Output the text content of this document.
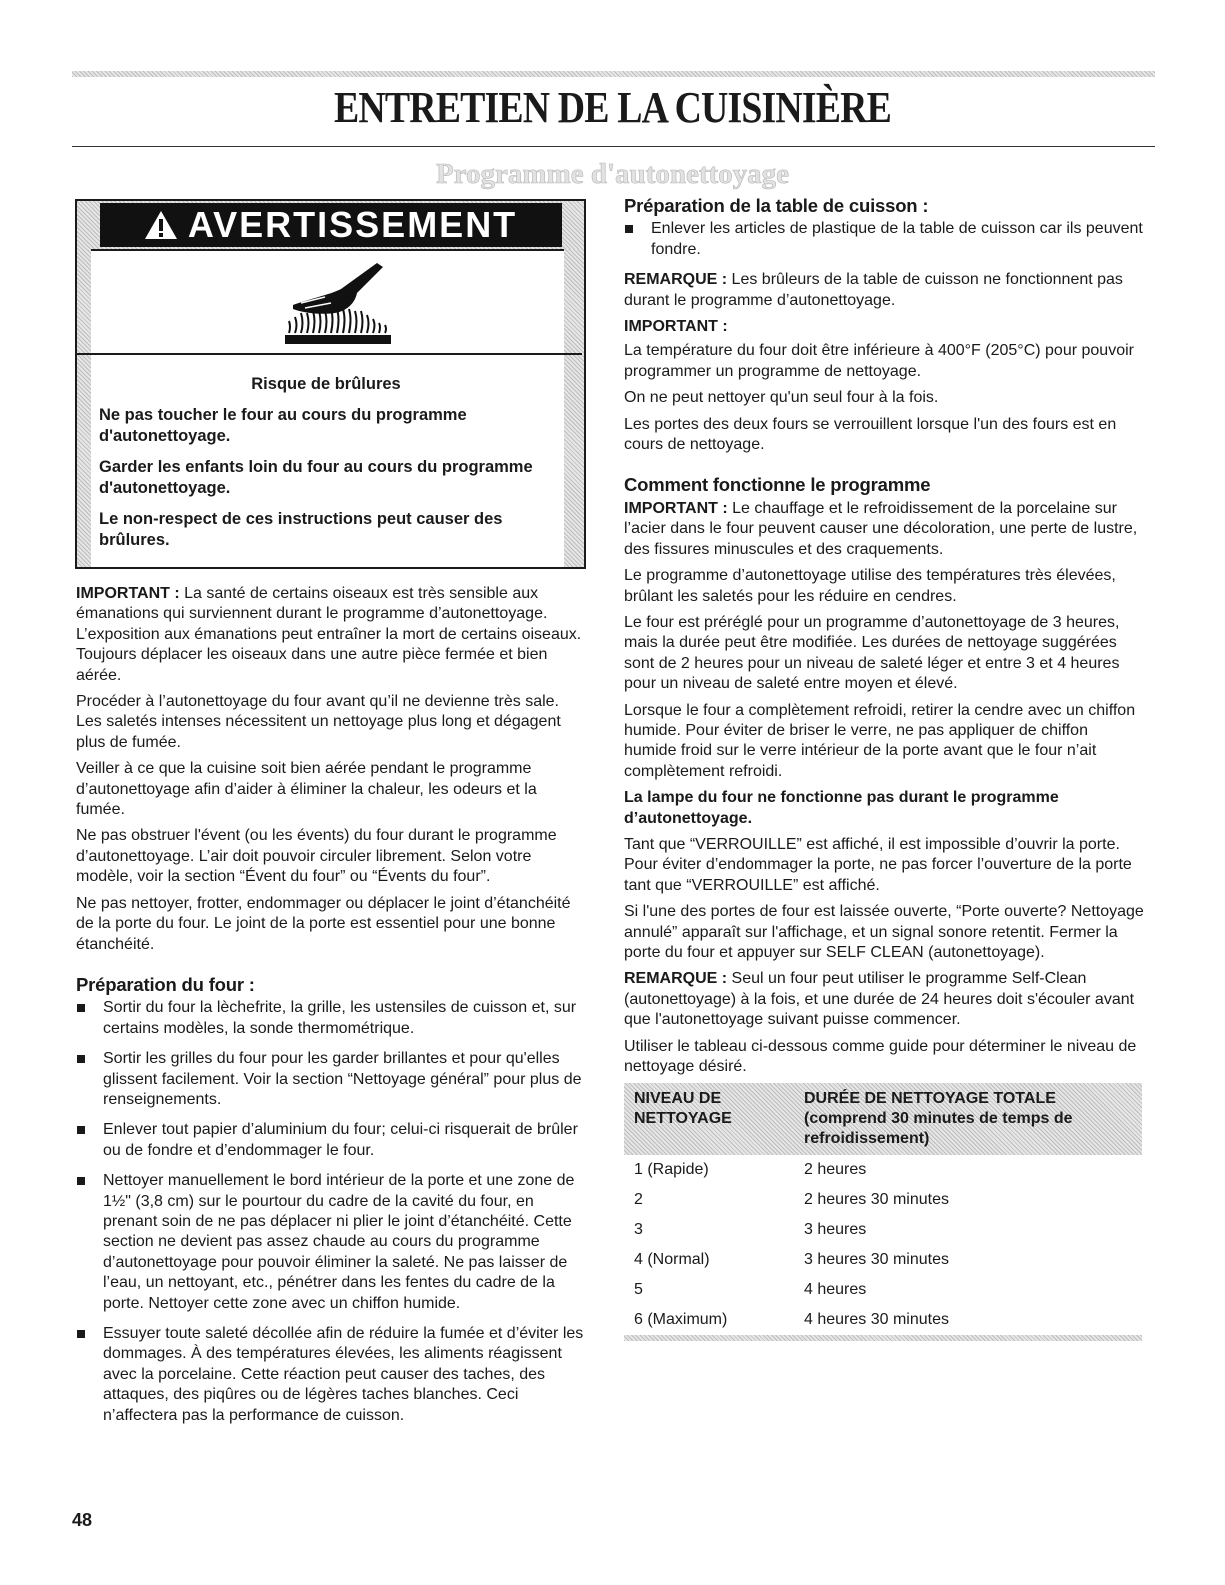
ENTRETIEN DE LA CUISINIÈRE
Programme d'autonettoyage
AVERTISSEMENT

Risque de brûlures

Ne pas toucher le four au cours du programme d'autonettoyage.

Garder les enfants loin du four au cours du programme d'autonettoyage.

Le non-respect de ces instructions peut causer des brûlures.

IMPORTANT : La santé de certains oiseaux est très sensible aux émanations qui surviennent durant le programme d’autonettoyage. L’exposition aux émanations peut entraîner la mort de certains oiseaux. Toujours déplacer les oiseaux dans une autre pièce fermée et bien aérée.

Procéder à l’autonettoyage du four avant qu’il ne devienne très sale. Les saletés intenses nécessitent un nettoyage plus long et dégagent plus de fumée.

Veiller à ce que la cuisine soit bien aérée pendant le programme d’autonettoyage afin d’aider à éliminer la chaleur, les odeurs et la fumée.

Ne pas obstruer l'évent (ou les évents) du four durant le programme d’autonettoyage. L’air doit pouvoir circuler librement. Selon votre modèle, voir la section “Évent du four” ou “Évents du four”.

Ne pas nettoyer, frotter, endommager ou déplacer le joint d’étanchéité de la porte du four. Le joint de la porte est essentiel pour une bonne étanchéité.

Préparation du four :
Sortir du four la lèchefrite, la grille, les ustensiles de cuisson et, sur certains modèles, la sonde thermométrique.
Sortir les grilles du four pour les garder brillantes et pour qu'elles glissent facilement. Voir la section “Nettoyage général” pour plus de renseignements.
Enlever tout papier d’aluminium du four; celui-ci risquerait de brûler ou de fondre et d’endommager le four.
Nettoyer manuellement le bord intérieur de la porte et une zone de 1½" (3,8 cm) sur le pourtour du cadre de la cavité du four, en prenant soin de ne pas déplacer ni plier le joint d’étanchéité. Cette section ne devient pas assez chaude au cours du programme d’autonettoyage pour pouvoir éliminer la saleté. Ne pas laisser de l’eau, un nettoyant, etc., pénétrer dans les fentes du cadre de la porte. Nettoyer cette zone avec un chiffon humide.
Essuyer toute saleté décollée afin de réduire la fumée et d’éviter les dommages. À des températures élevées, les aliments réagissent avec la porcelaine. Cette réaction peut causer des taches, des attaques, des piqûres ou de légères taches blanches. Ceci n’affectera pas la performance de cuisson.
Préparation de la table de cuisson :
Enlever les articles de plastique de la table de cuisson car ils peuvent fondre.

REMARQUE : Les brûleurs de la table de cuisson ne fonctionnent pas durant le programme d’autonettoyage.

IMPORTANT :

La température du four doit être inférieure à 400°F (205°C) pour pouvoir programmer un programme de nettoyage.

On ne peut nettoyer qu'un seul four à la fois.

Les portes des deux fours se verrouillent lorsque l'un des fours est en cours de nettoyage.

Comment fonctionne le programme

IMPORTANT : Le chauffage et le refroidissement de la porcelaine sur l’acier dans le four peuvent causer une décoloration, une perte de lustre, des fissures minuscules et des craquements.

Le programme d’autonettoyage utilise des températures très élevées, brûlant les saletés pour les réduire en cendres.

Le four est préréglé pour un programme d’autonettoyage de 3 heures, mais la durée peut être modifiée. Les durées de nettoyage suggérées sont de 2 heures pour un niveau de saleté léger et entre 3 et 4 heures pour un niveau de saleté entre moyen et élevé.

Lorsque le four a complètement refroidi, retirer la cendre avec un chiffon humide. Pour éviter de briser le verre, ne pas appliquer de chiffon humide froid sur le verre intérieur de la porte avant que le four n’ait complètement refroidi.

La lampe du four ne fonctionne pas durant le programme d’autonettoyage.

Tant que “VERROUILLE” est affiché, il est impossible d’ouvrir la porte. Pour éviter d’endommager la porte, ne pas forcer l’ouverture de la porte tant que “VERROUILLE” est affiché.

Si l'une des portes de four est laissée ouverte, “Porte ouverte? Nettoyage annulé” apparaît sur l'affichage, et un signal sonore retentit. Fermer la porte du four et appuyer sur SELF CLEAN (autonettoyage).

REMARQUE : Seul un four peut utiliser le programme Self-Clean (autonettoyage) à la fois, et une durée de 24 heures doit s'écouler avant que l'autonettoyage suivant puisse commencer.

Utiliser le tableau ci-dessous comme guide pour déterminer le niveau de nettoyage désiré.

NIVEAU DE NETTOYAGE	DURÉE DE NETTOYAGE TOTALE (comprend 30 minutes de temps de refroidissement)
1 (Rapide)	2 heures
2	2 heures 30 minutes
3	3 heures
4 (Normal)	3 heures 30 minutes
5	4 heures
6 (Maximum)	4 heures 30 minutes

48
